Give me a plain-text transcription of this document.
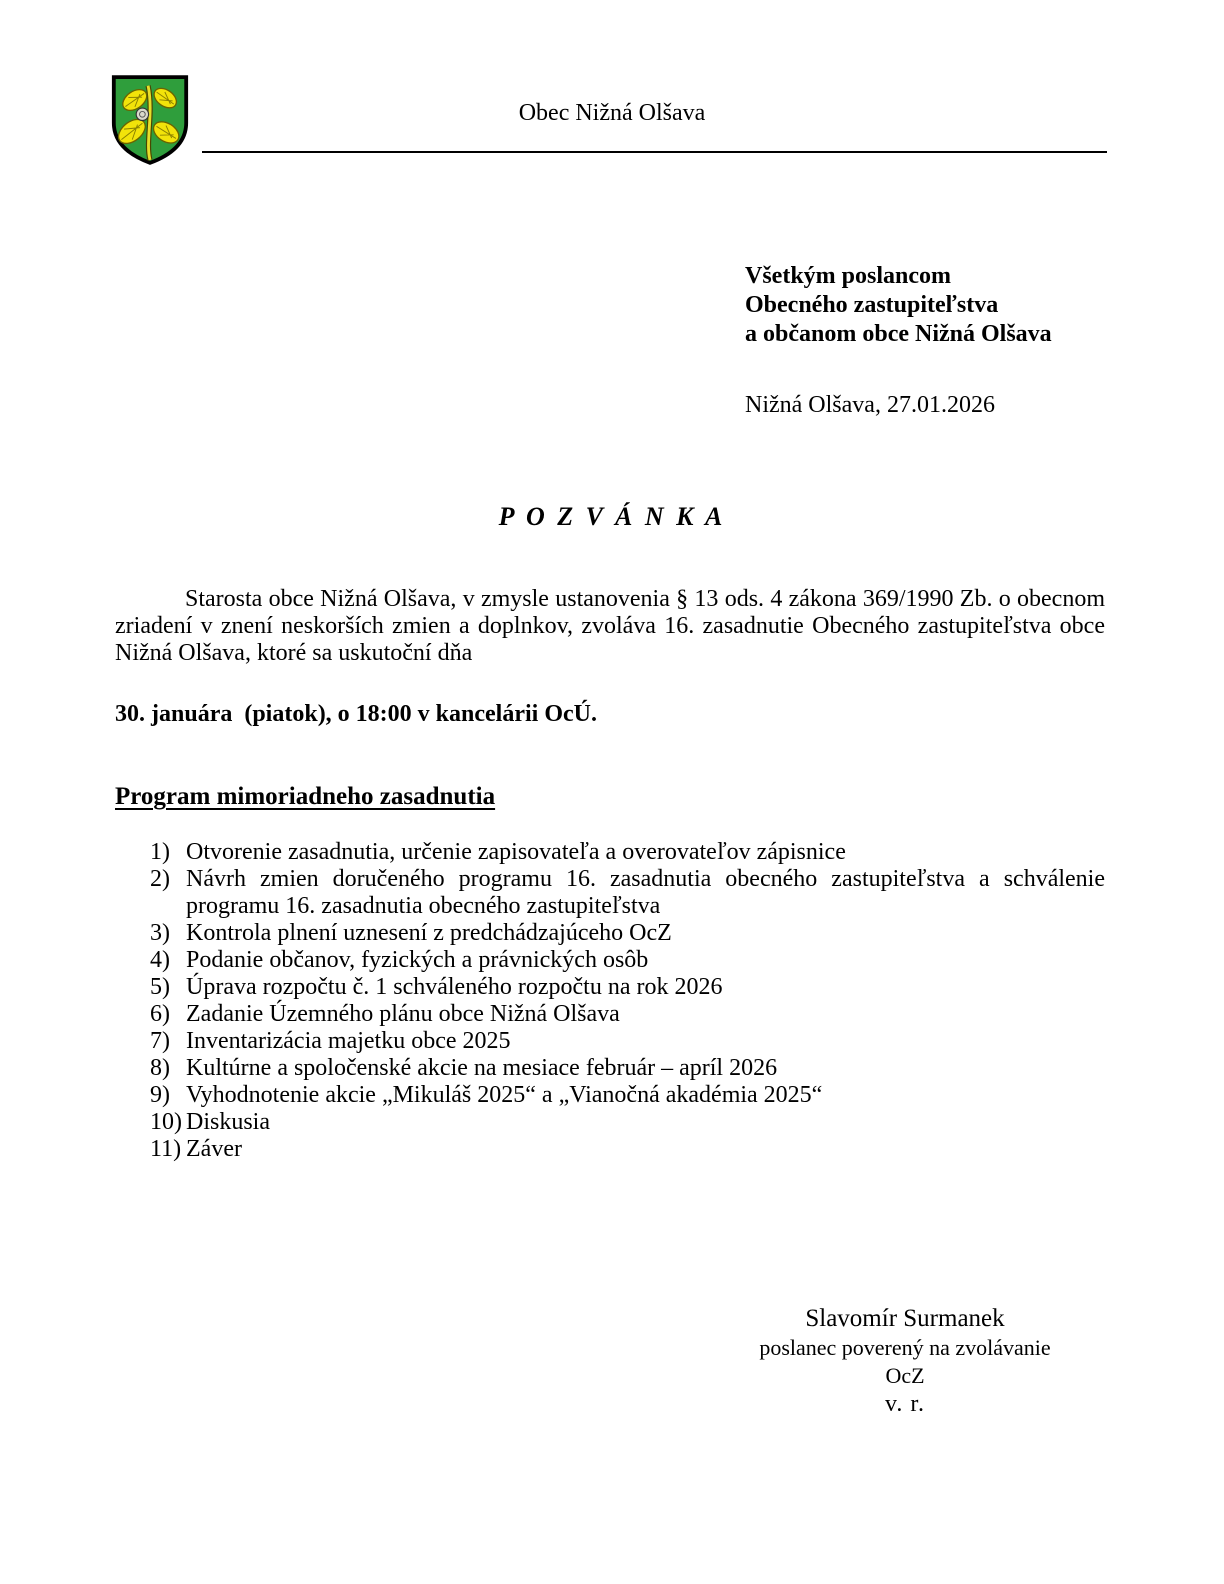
Obec Nižná Olšava
Všetkým poslancom
Obecného zastupiteľstva
a občanom obce Nižná Olšava
Nižná Olšava, 27.01.2026
P O Z V Á N K A

Starosta obce Nižná Olšava, v zmysle ustanovenia § 13 ods. 4 zákona 369/1990 Zb. o obecnom zriadení v znení neskorších zmien a doplnkov, zvoláva 16. zasadnutie Obecného zastupiteľstva obce Nižná Olšava, ktoré sa uskutoční dňa

30. januára  (piatok), o 18:00 v kancelárii OcÚ.
Program mimoriadneho zasadnutia
1) Otvorenie zasadnutia, určenie zapisovateľa a overovateľov zápisnice
2) Návrh zmien doručeného programu 16. zasadnutia obecného zastupiteľstva a schválenie programu 16. zasadnutia obecného zastupiteľstva
3) Kontrola plnení uznesení z predchádzajúceho OcZ
4) Podanie občanov, fyzických a právnických osôb
5) Úprava rozpočtu č. 1 schváleného rozpočtu na rok 2026
6) Zadanie Územného plánu obce Nižná Olšava
7) Inventarizácia majetku obce 2025
8) Kultúrne a spoločenské akcie na mesiace február – apríl 2026
9) Vyhodnotenie akcie „Mikuláš 2025“ a „Vianočná akadémia 2025“
10) Diskusia
11) Záver
Slavomír Surmanek
poslanec poverený na zvolávanie OcZ
v. r.
